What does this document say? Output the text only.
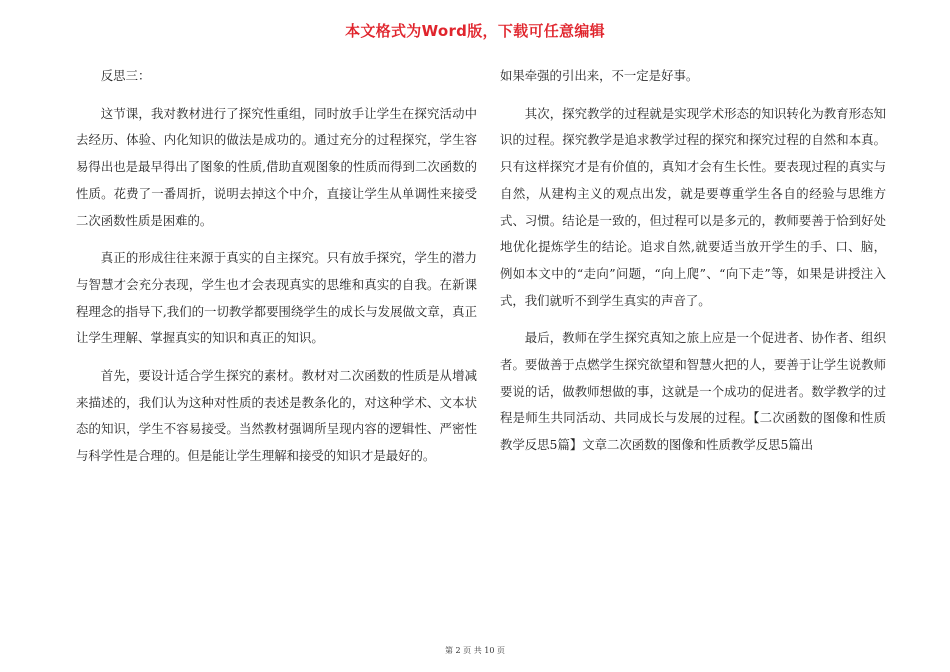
本文格式为Word版，下载可任意编辑

反思三：

这节课，我对教材进行了探究性重组，同时放手让学生在探究活动中去经历、体验、内化知识的做法是成功的。通过充分的过程探究，学生容易得出也是最早得出了图象的性质,借助直观图象的性质而得到二次函数的性质。花费了一番周折，说明去掉这个中介，直接让学生从单调性来接受二次函数性质是困难的。

真正的形成往往来源于真实的自主探究。只有放手探究，学生的潜力与智慧才会充分表现，学生也才会表现真实的思维和真实的自我。在新课程理念的指导下,我们的一切教学都要围绕学生的成长与发展做文章，真正让学生理解、掌握真实的知识和真正的知识。

首先，要设计适合学生探究的素材。教材对二次函数的性质是从增减来描述的，我们认为这种对性质的表述是教条化的，对这种学术、文本状态的知识，学生不容易接受。当然教材强调所呈现内容的逻辑性、严密性与科学性是合理的。但是能让学生理解和接受的知识才是最好的。

如果牵强的引出来，不一定是好事。

其次，探究教学的过程就是实现学术形态的知识转化为教育形态知识的过程。探究教学是追求教学过程的探究和探究过程的自然和本真。只有这样探究才是有价值的，真知才会有生长性。要表现过程的真实与自然，从建构主义的观点出发，就是要尊重学生各自的经验与思维方式、习惯。结论是一致的，但过程可以是多元的，教师要善于恰到好处地优化提炼学生的结论。追求自然,就要适当放开学生的手、口、脑，例如本文中的“走向”问题，“向上爬”、“向下走”等，如果是讲授注入式，我们就听不到学生真实的声音了。

最后，教师在学生探究真知之旅上应是一个促进者、协作者、组织者。要做善于点燃学生探究欲望和智慧火把的人，要善于让学生说教师要说的话，做教师想做的事，这就是一个成功的促进者。数学教学的过程是师生共同活动、共同成长与发展的过程。【二次函数的图像和性质教学反思5篇】文章二次函数的图像和性质教学反思5篇出

第 2 页 共 10 页
